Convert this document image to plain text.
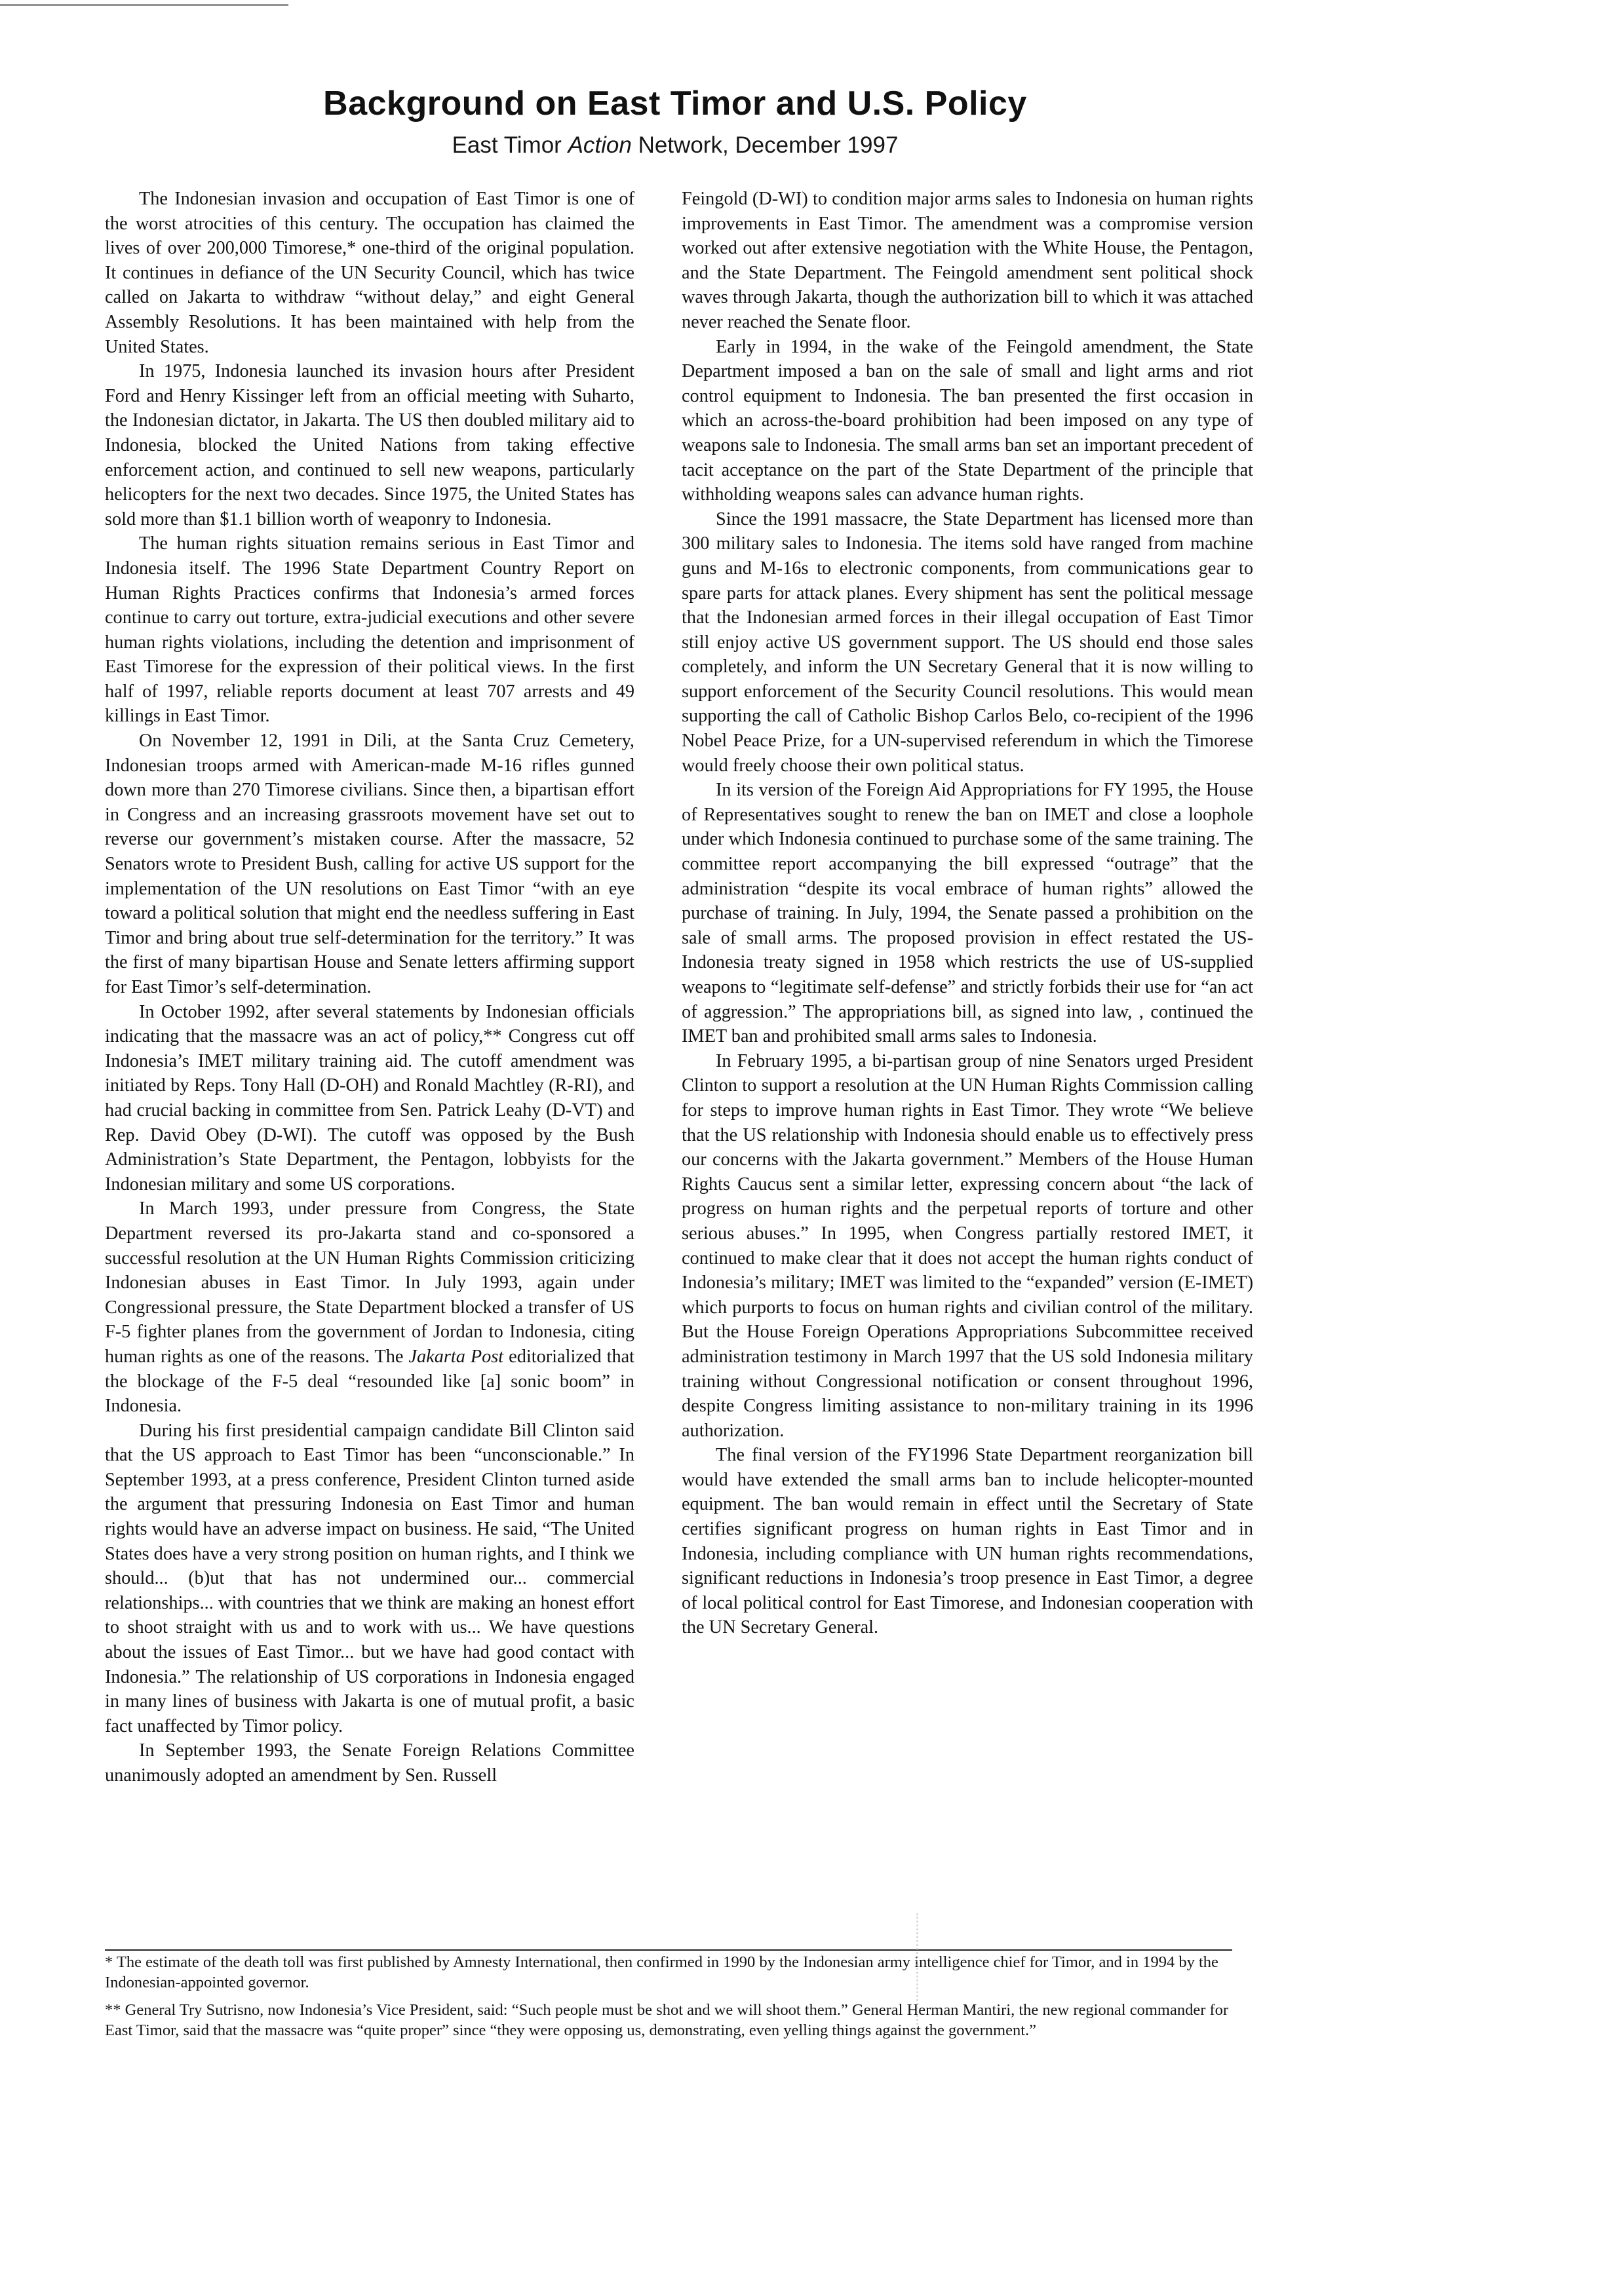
Background on East Timor and U.S. Policy
East Timor Action Network, December 1997

The Indonesian invasion and occupation of East Timor is one of the worst atrocities of this century. The occupation has claimed the lives of over 200,000 Timorese,* one-third of the original population. It continues in defiance of the UN Security Council, which has twice called on Jakarta to withdraw “without delay,” and eight General Assembly Resolutions. It has been maintained with help from the United States.

In 1975, Indonesia launched its invasion hours after President Ford and Henry Kissinger left from an official meeting with Suharto, the Indonesian dictator, in Jakarta. The US then doubled military aid to Indonesia, blocked the United Nations from taking effective enforcement action, and continued to sell new weapons, particularly helicopters for the next two decades. Since 1975, the United States has sold more than $1.1 billion worth of weaponry to Indonesia.

The human rights situation remains serious in East Timor and Indonesia itself. The 1996 State Department Country Report on Human Rights Practices confirms that Indonesia’s armed forces continue to carry out torture, extra-judicial executions and other severe human rights violations, including the detention and imprisonment of East Timorese for the expression of their political views. In the first half of 1997, reliable reports document at least 707 arrests and 49 killings in East Timor.

On November 12, 1991 in Dili, at the Santa Cruz Cemetery, Indonesian troops armed with American-made M-16 rifles gunned down more than 270 Timorese civilians. Since then, a bipartisan effort in Congress and an increasing grassroots movement have set out to reverse our government’s mistaken course. After the massacre, 52 Senators wrote to President Bush, calling for active US support for the implementation of the UN resolutions on East Timor “with an eye toward a political solution that might end the needless suffering in East Timor and bring about true self-determination for the territory.” It was the first of many bipartisan House and Senate letters affirming support for East Timor’s self-determination.

In October 1992, after several statements by Indonesian officials indicating that the massacre was an act of policy,** Congress cut off Indonesia’s IMET military training aid. The cutoff amendment was initiated by Reps. Tony Hall (D-OH) and Ronald Machtley (R-RI), and had crucial backing in committee from Sen. Patrick Leahy (D-VT) and Rep. David Obey (D-WI). The cutoff was opposed by the Bush Administration’s State Department, the Pentagon, lobbyists for the Indonesian military and some US corporations.

In March 1993, under pressure from Congress, the State Department reversed its pro-Jakarta stand and co-sponsored a successful resolution at the UN Human Rights Commission criticizing Indonesian abuses in East Timor. In July 1993, again under Congressional pressure, the State Department blocked a transfer of US F-5 fighter planes from the government of Jordan to Indonesia, citing human rights as one of the reasons. The Jakarta Post editorialized that the blockage of the F-5 deal “resounded like [a] sonic boom” in Indonesia.

During his first presidential campaign candidate Bill Clinton said that the US approach to East Timor has been “unconscionable.” In September 1993, at a press conference, President Clinton turned aside the argument that pressuring Indonesia on East Timor and human rights would have an adverse impact on business. He said, “The United States does have a very strong position on human rights, and I think we should... (b)ut that has not undermined our... commercial relationships... with countries that we think are making an honest effort to shoot straight with us and to work with us... We have questions about the issues of East Timor... but we have had good contact with Indonesia.” The relationship of US corporations in Indonesia engaged in many lines of business with Jakarta is one of mutual profit, a basic fact unaffected by Timor policy.

In September 1993, the Senate Foreign Relations Committee unanimously adopted an amendment by Sen. Russell

Feingold (D-WI) to condition major arms sales to Indonesia on human rights improvements in East Timor. The amendment was a compromise version worked out after extensive negotiation with the White House, the Pentagon, and the State Department. The Feingold amendment sent political shock waves through Jakarta, though the authorization bill to which it was attached never reached the Senate floor.

Early in 1994, in the wake of the Feingold amendment, the State Department imposed a ban on the sale of small and light arms and riot control equipment to Indonesia. The ban presented the first occasion in which an across-the-board prohibition had been imposed on any type of weapons sale to Indonesia. The small arms ban set an important precedent of tacit acceptance on the part of the State Department of the principle that withholding weapons sales can advance human rights.

Since the 1991 massacre, the State Department has licensed more than 300 military sales to Indonesia. The items sold have ranged from machine guns and M-16s to electronic components, from communications gear to spare parts for attack planes. Every shipment has sent the political message that the Indonesian armed forces in their illegal occupation of East Timor still enjoy active US government support. The US should end those sales completely, and inform the UN Secretary General that it is now willing to support enforcement of the Security Council resolutions. This would mean supporting the call of Catholic Bishop Carlos Belo, co-recipient of the 1996 Nobel Peace Prize, for a UN-supervised referendum in which the Timorese would freely choose their own political status.

In its version of the Foreign Aid Appropriations for FY 1995, the House of Representatives sought to renew the ban on IMET and close a loophole under which Indonesia continued to purchase some of the same training. The committee report accompanying the bill expressed “outrage” that the administration “despite its vocal embrace of human rights” allowed the purchase of training. In July, 1994, the Senate passed a prohibition on the sale of small arms. The proposed provision in effect restated the US- Indonesia treaty signed in 1958 which restricts the use of US-supplied weapons to “legitimate self-defense” and strictly forbids their use for “an act of aggression.” The appropriations bill, as signed into law, , continued the IMET ban and prohibited small arms sales to Indonesia.

In February 1995, a bi-partisan group of nine Senators urged President Clinton to support a resolution at the UN Human Rights Commission calling for steps to improve human rights in East Timor. They wrote “We believe that the US relationship with Indonesia should enable us to effectively press our concerns with the Jakarta government.” Members of the House Human Rights Caucus sent a similar letter, expressing concern about “the lack of progress on human rights and the perpetual reports of torture and other serious abuses.” In 1995, when Congress partially restored IMET, it continued to make clear that it does not accept the human rights conduct of Indonesia’s military; IMET was limited to the “expanded” version (E-IMET) which purports to focus on human rights and civilian control of the military. But the House Foreign Operations Appropriations Subcommittee received administration testimony in March 1997 that the US sold Indonesia military training without Congressional notification or consent throughout 1996, despite Congress limiting assistance to non-military training in its 1996 authorization.

The final version of the FY1996 State Department reorganization bill would have extended the small arms ban to include helicopter-mounted equipment. The ban would remain in effect until the Secretary of State certifies significant progress on human rights in East Timor and in Indonesia, including compliance with UN human rights recommendations, significant reductions in Indonesia’s troop presence in East Timor, a degree of local political control for East Timorese, and Indonesian cooperation with the UN Secretary General.

* The estimate of the death toll was first published by Amnesty International, then confirmed in 1990 by the Indonesian army intelligence chief for Timor, and in 1994 by the Indonesian-appointed governor.

** General Try Sutrisno, now Indonesia’s Vice President, said: “Such people must be shot and we will shoot them.” General Herman Mantiri, the new regional commander for East Timor, said that the massacre was “quite proper” since “they were opposing us, demonstrating, even yelling things against the government.”
